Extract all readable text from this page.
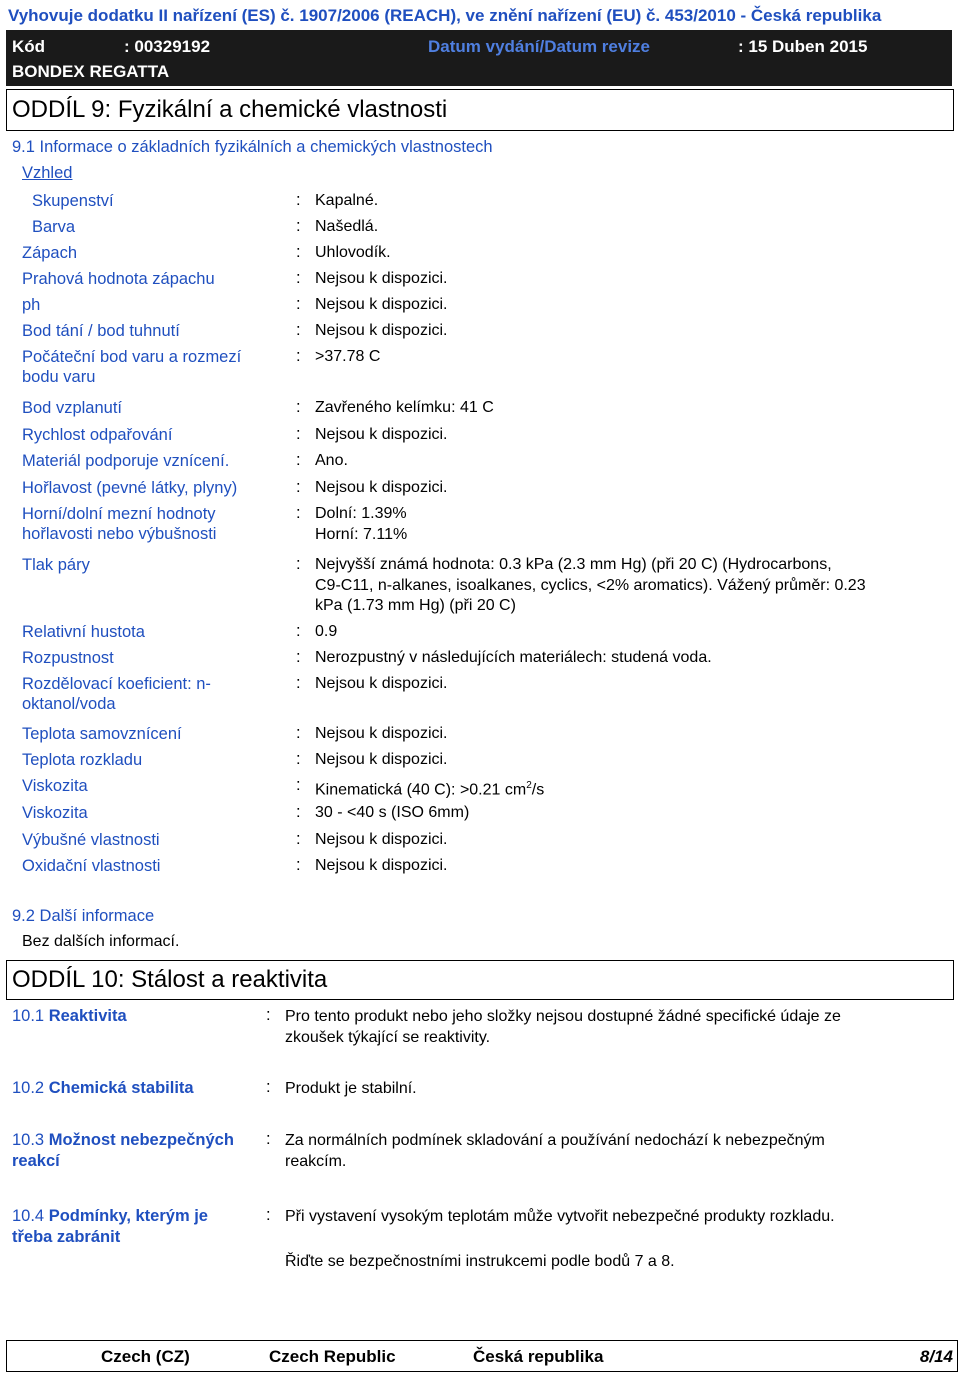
Vyhovuje dodatku II nařízení (ES) č. 1907/2006 (REACH), ve znění nařízení (EU) č. 453/2010 - Česká republika
Kód	: 00329192	Datum vydání/Datum revize	: 15 Duben 2015
BONDEX REGATTA
ODDÍL 9: Fyzikální a chemické vlastnosti
9.1 Informace o základních fyzikálních a chemických vlastnostech
Vzhled
Skupenství	: Kapalné.
Barva	: Našedlá.
Zápach	: Uhlovodík.
Prahová hodnota zápachu	: Nejsou k dispozici.
ph	: Nejsou k dispozici.
Bod tání / bod tuhnutí	: Nejsou k dispozici.
Počáteční bod varu a rozmezí
bodu varu
: >37.78 C
Bod vzplanutí	: Zavřeného kelímku: 41 C
Rychlost odpařování	: Nejsou k dispozici.
Materiál podporuje vznícení.	: Ano.
Hořlavost (pevné látky, plyny)	: Nejsou k dispozici.
Horní/dolní mezní hodnoty
hořlavosti nebo výbušnosti
: Dolní: 1.39%
Horní: 7.11%
Tlak páry	: Nejvyšší známá hodnota: 0.3 kPa (2.3 mm Hg) (při 20 C) (Hydrocarbons,
C9-C11, n-alkanes, isoalkanes, cyclics, <2% aromatics). Vážený průměr: 0.23
kPa (1.73 mm Hg) (při 20 C)
Relativní hustota	: 0.9
Rozpustnost	: Nerozpustný v následujících materiálech: studená voda.
Rozdělovací koeficient: n-
oktanol/voda
: Nejsou k dispozici.
Teplota samovznícení	: Nejsou k dispozici.
Teplota rozkladu	: Nejsou k dispozici.
Viskozita	: Kinematická (40 C): >0.21 $cm^2/s$
Viskozita	: 30 - <40 s (ISO 6mm)
Výbušné vlastnosti	: Nejsou k dispozici.
Oxidační vlastnosti	: Nejsou k dispozici.
9.2 Další informace
Bez dalších informací.
ODDÍL 10: Stálost a reaktivita
10.1 Reaktivita	: Pro tento produkt nebo jeho složky nejsou dostupné žádné specifické údaje ze
zkoušek týkající se reaktivity.
10.2 Chemická stabilita	: Produkt je stabilní.
10.3 Možnost nebezpečných
reakcí
: Za normálních podmínek skladování a používání nedochází k nebezpečným
reakcím.
10.4 Podmínky, kterým je
třeba zabránit
: Při vystavení vysokým teplotám může vytvořit nebezpečné produkty rozkladu.
Řiďte se bezpečnostními instrukcemi podle bodů 7 a 8.
Czech (CZ)	Czech Republic	Česká republika	8/14
